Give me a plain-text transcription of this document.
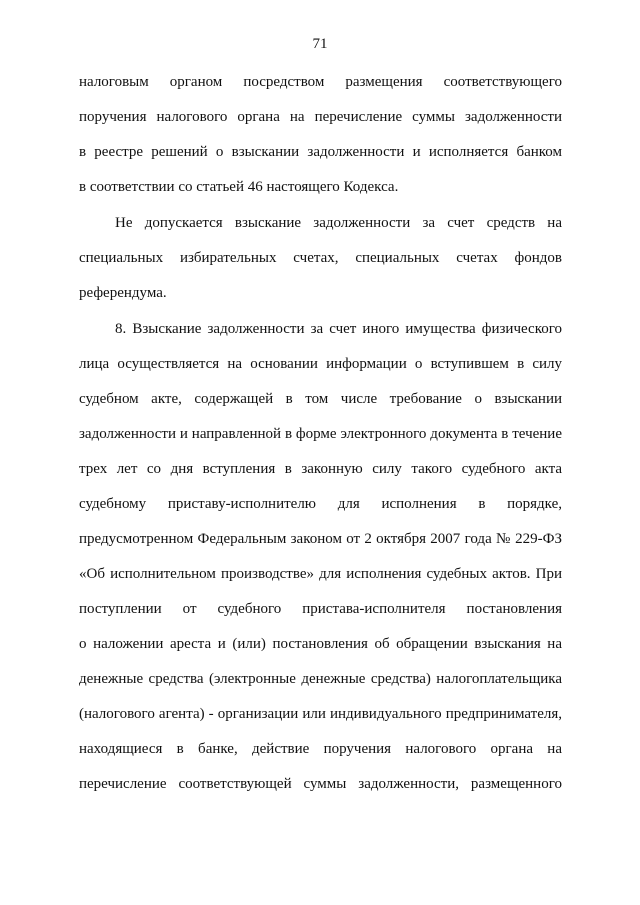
71
налоговым органом посредством размещения соответствующего
поручения налогового органа на перечисление суммы задолженности
в реестре решений о взыскании задолженности и исполняется банком
в соответствии со статьей 46 настоящего Кодекса.
Не допускается взыскание задолженности за счет средств на
специальных избирательных счетах, специальных счетах фондов
референдума.
8. Взыскание задолженности за счет иного имущества физического
лица осуществляется на основании информации о вступившем в силу
судебном акте, содержащей в том числе требование о взыскании
задолженности и направленной в форме электронного документа в течение
трех лет со дня вступления в законную силу такого судебного акта
судебному приставу-исполнителю для исполнения в порядке,
предусмотренном Федеральным законом от 2 октября 2007 года № 229-ФЗ
«Об исполнительном производстве» для исполнения судебных актов. При
поступлении от судебного пристава-исполнителя постановления
о наложении ареста и (или) постановления об обращении взыскания на
денежные средства (электронные денежные средства) налогоплательщика
(налогового агента) - организации или индивидуального предпринимателя,
находящиеся в банке, действие поручения налогового органа на
перечисление соответствующей суммы задолженности, размещенного
